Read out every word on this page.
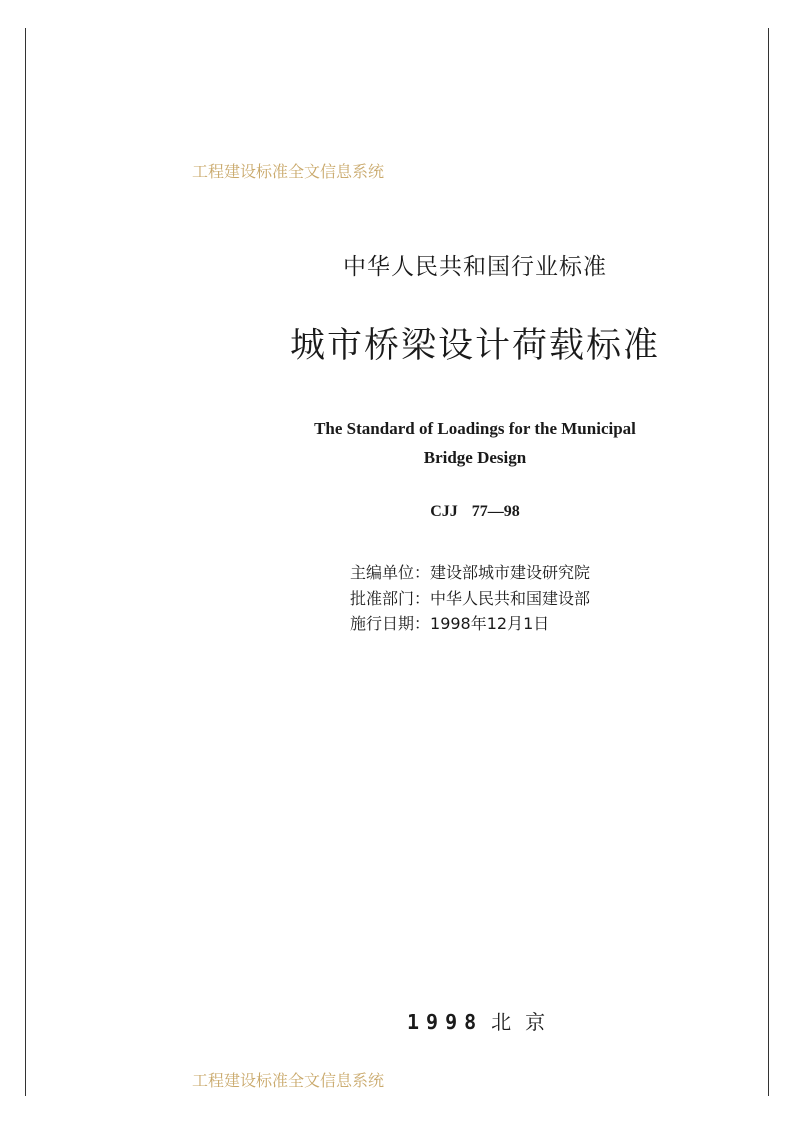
工程建设标准全文信息系统
中华人民共和国行业标准
城市桥梁设计荷载标准
The Standard of Loadings for the Municipal
Bridge Design
CJJ 77—98
主编单位：建设部城市建设研究院
批准部门：中华人民共和国建设部
施行日期：1998年12月1日
1998 北京
工程建设标准全文信息系统
